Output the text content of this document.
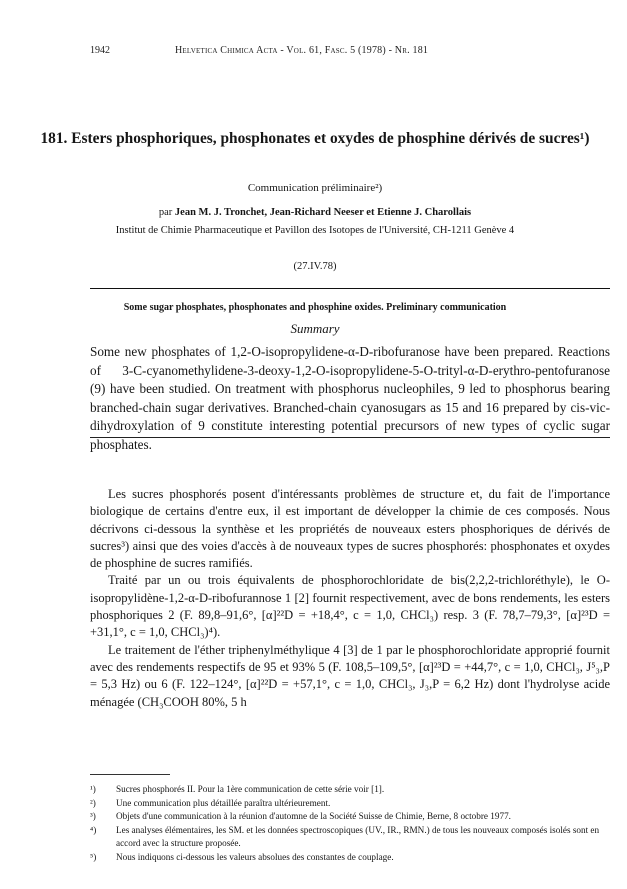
1942	Helvetica Chimica Acta - Vol. 61, Fasc. 5 (1978) - Nr. 181
181. Esters phosphoriques, phosphonates et oxydes de phosphine dérivés de sucres¹)
Communication préliminaire²)
par Jean M. J. Tronchet, Jean-Richard Neeser et Etienne J. Charollais
Institut de Chimie Pharmaceutique et Pavillon des Isotopes de l'Université, CH-1211 Genève 4
(27.IV.78)
Some sugar phosphates, phosphonates and phosphine oxides. Preliminary communication
Summary
Some new phosphates of 1,2-O-isopropylidene-α-D-ribofuranose have been prepared. Reactions of 3-C-cyanomethylidene-3-deoxy-1,2-O-isopropylidene-5-O-trityl-α-D-erythro-pentofuranose (9) have been studied. On treatment with phosphorus nucleophiles, 9 led to phosphorus bearing branched-chain sugar derivatives. Branched-chain cyanosugars as 15 and 16 prepared by cis-vic-dihydroxylation of 9 constitute interesting potential precursors of new types of cyclic sugar phosphates.

Les sucres phosphorés posent d'intéressants problèmes de structure et, du fait de l'importance biologique de certains d'entre eux, il est important de développer la chimie de ces composés. Nous décrivons ci-dessous la synthèse et les propriétés de nouveaux esters phosphoriques de dérivés de sucres³) ainsi que des voies d'accès à de nouveaux types de sucres phosphorés: phosphonates et oxydes de phosphine de sucres ramifiés.

Traité par un ou trois équivalents de phosphorochloridate de bis(2,2,2-trichloréthyle), le O-isopropylidène-1,2-α-D-ribofurannose 1 [2] fournit respectivement, avec de bons rendements, les esters phosphoriques 2 (F. 89,8–91,6°, [α]²²D = +18,4°, c = 1,0, CHCl₃) resp. 3 (F. 78,7–79,3°, [α]²³D = +31,1°, c = 1,0, CHCl₃)⁴).

Le traitement de l'éther triphenylméthylique 4 [3] de 1 par le phosphorochloridate approprié fournit avec des rendements respectifs de 95 et 93% 5 (F. 108,5–109,5°, [α]²³D = +44,7°, c = 1,0, CHCl₃, J⁵₃,P = 5,3 Hz) ou 6 (F. 122–124°, [α]²²D = +57,1°, c = 1,0, CHCl₃, J₃,P = 6,2 Hz) dont l'hydrolyse acide ménagée (CH₃COOH 80%, 5 h

¹) Sucres phosphorés II. Pour la 1ère communication de cette série voir [1].
²) Une communication plus détaillée paraîtra ultérieurement.
³) Objets d'une communication à la réunion d'automne de la Société Suisse de Chimie, Berne, 8 octobre 1977.
⁴) Les analyses élémentaires, les SM. et les données spectroscopiques (UV., IR., RMN.) de tous les nouveaux composés isolés sont en accord avec la structure proposée.
⁵) Nous indiquons ci-dessous les valeurs absolues des constantes de couplage.
